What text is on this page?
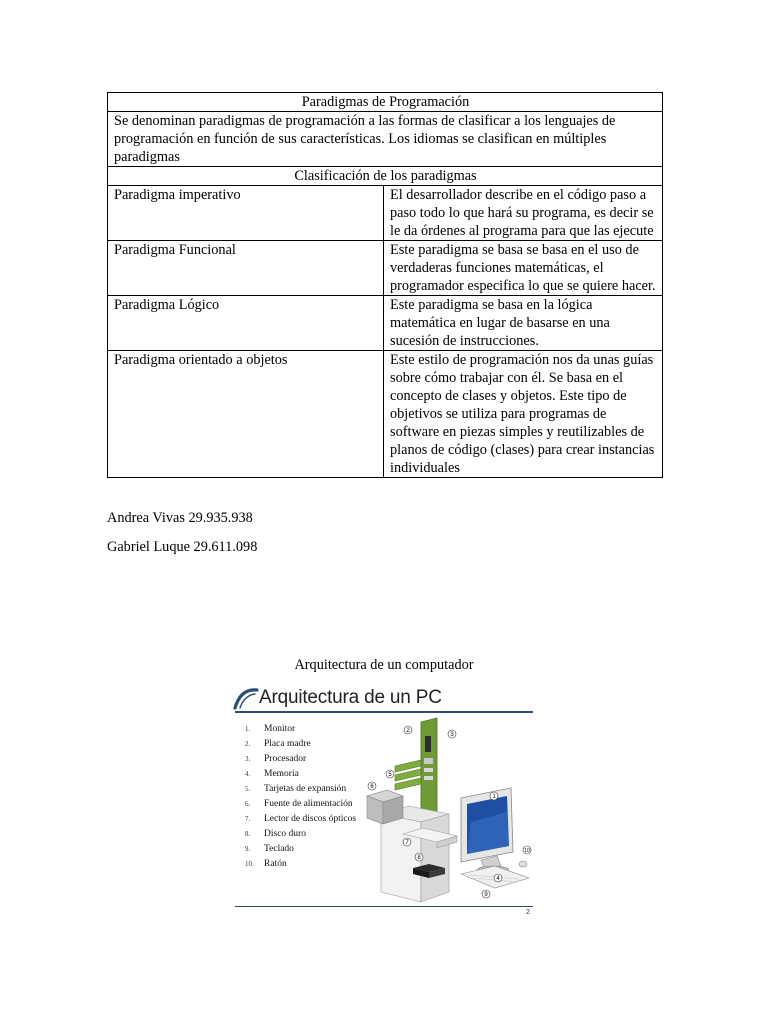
Paradigmas de Programación	
Se denominan paradigmas de programación a las formas de clasificar a los lenguajes de programación en función de sus características. Los idiomas se clasifican en múltiples paradigmas	
Clasificación de los paradigmas	
Paradigma imperativo	El desarrollador describe en el código paso a paso todo lo que hará su programa, es decir se le da órdenes al programa para que las ejecute
Paradigma Funcional	Este paradigma se basa se basa en el uso de verdaderas funciones matemáticas, el programador especifica lo que se quiere hacer.
Paradigma Lógico	Este paradigma se basa en la lógica matemática en lugar de basarse en una sucesión de instrucciones.
Paradigma orientado a objetos	Este estilo de programación nos da unas guías sobre cómo trabajar con él. Se basa en el concepto de clases y objetos. Este tipo de objetivos se utiliza para programas de software en piezas simples y reutilizables de planos de código (clases) para crear instancias individuales
Andrea Vivas 29.935.938
Gabriel Luque 29.611.098
Arquitectura de un computador
Arquitectura de un PC
1. Monitor
2. Placa madre
3. Procesador
4. Memoria
5. Tarjetas de expansión
6. Fuente de alimentación
7. Lector de discos ópticos
8. Disco duro
9. Teclado
10. Ratón
1
2
3
4
5
6
7
8
9
10
2
